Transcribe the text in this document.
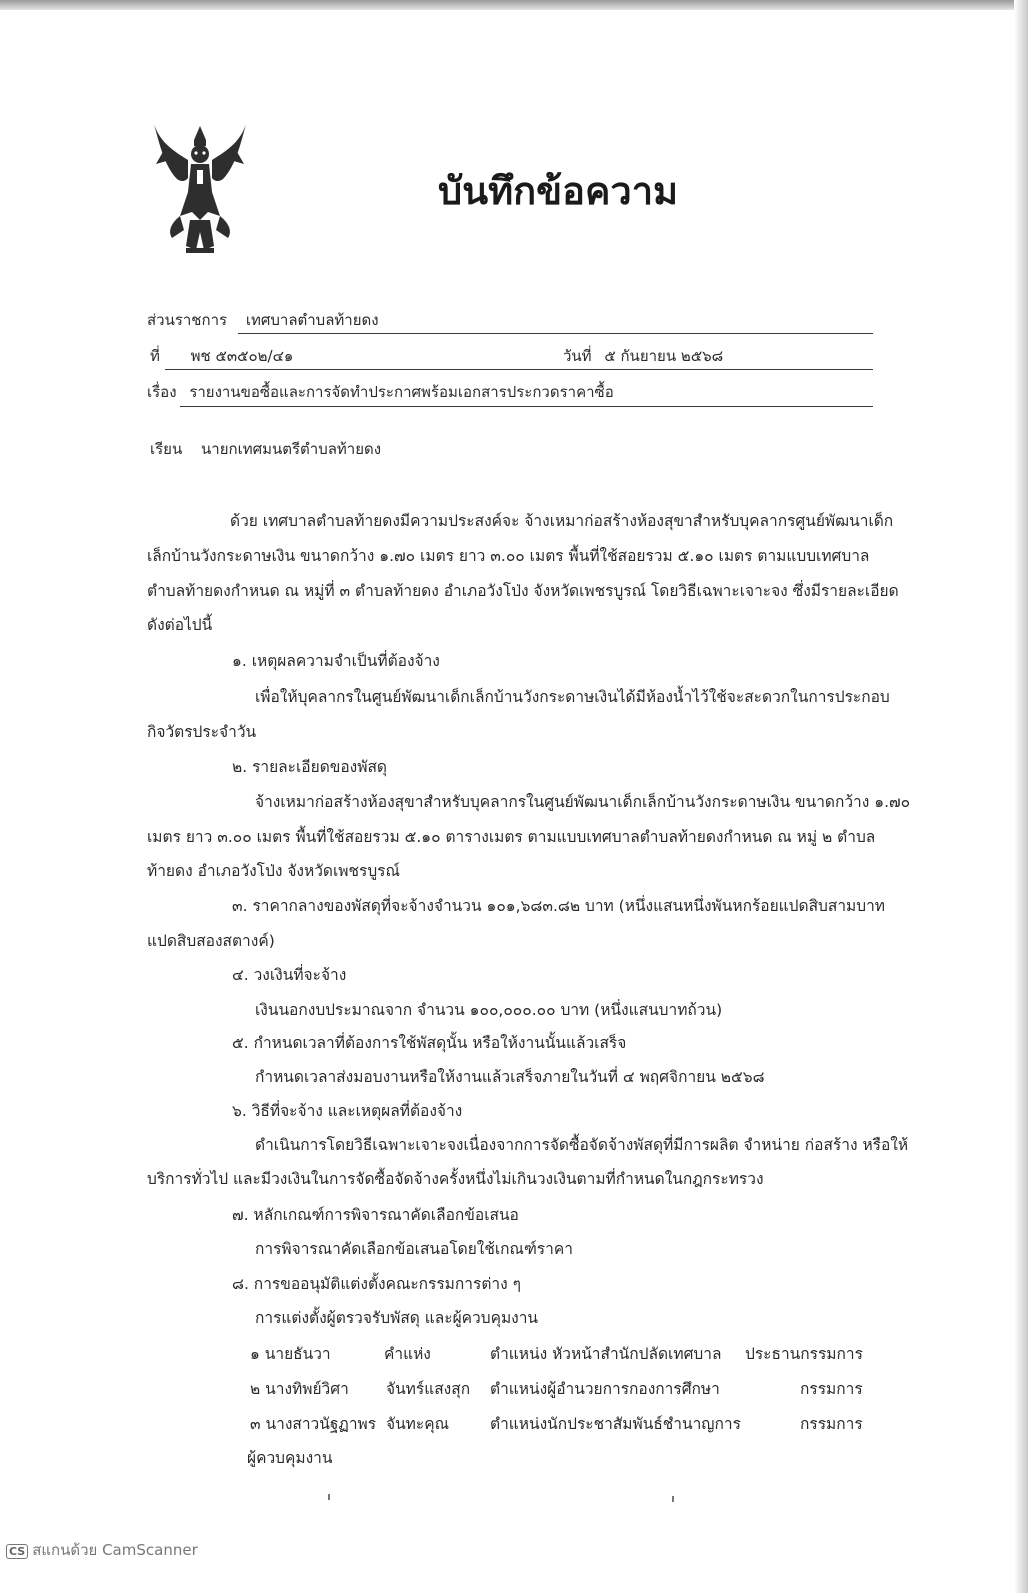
บันทึกข้อความ
ส่วนราชการ เทศบาลตำบลท้ายดง
ที่ พช ๕๓๕๐๒/๔๑	วันที่ ๕ กันยายน ๒๕๖๘
เรื่อง รายงานขอซื้อและการจัดทำประกาศพร้อมเอกสารประกวดราคาซื้อ
เรียน นายกเทศมนตรีตำบลท้ายดง
ด้วย เทศบาลตำบลท้ายดงมีความประสงค์จะ จ้างเหมาก่อสร้างห้องสุขาสำหรับบุคลากรศูนย์พัฒนาเด็ก
เล็กบ้านวังกระดาษเงิน ขนาดกว้าง ๑.๗๐ เมตร ยาว ๓.๐๐ เมตร พื้นที่ใช้สอยรวม ๕.๑๐ เมตร ตามแบบเทศบาล
ตำบลท้ายดงกำหนด ณ หมู่ที่ ๓ ตำบลท้ายดง อำเภอวังโป่ง จังหวัดเพชรบูรณ์ โดยวิธีเฉพาะเจาะจง ซึ่งมีรายละเอียด
ดังต่อไปนี้
๑. เหตุผลความจำเป็นที่ต้องจ้าง
เพื่อให้บุคลากรในศูนย์พัฒนาเด็กเล็กบ้านวังกระดาษเงินได้มีห้องน้ำไว้ใช้จะสะดวกในการประกอบ
กิจวัตรประจำวัน
๒. รายละเอียดของพัสดุ
จ้างเหมาก่อสร้างห้องสุขาสำหรับบุคลากรในศูนย์พัฒนาเด็กเล็กบ้านวังกระดาษเงิน ขนาดกว้าง ๑.๗๐
เมตร ยาว ๓.๐๐ เมตร พื้นที่ใช้สอยรวม ๕.๑๐ ตารางเมตร ตามแบบเทศบาลตำบลท้ายดงกำหนด ณ หมู่ ๒ ตำบล
ท้ายดง อำเภอวังโป่ง จังหวัดเพชรบูรณ์
๓. ราคากลางของพัสดุที่จะจ้างจำนวน ๑๐๑,๖๘๓.๘๒ บาท (หนึ่งแสนหนึ่งพันหกร้อยแปดสิบสามบาท
แปดสิบสองสตางค์)
๔. วงเงินที่จะจ้าง
เงินนอกงบประมาณจาก จำนวน ๑๐๐,๐๐๐.๐๐ บาท (หนึ่งแสนบาทถ้วน)
๕. กำหนดเวลาที่ต้องการใช้พัสดุนั้น หรือให้งานนั้นแล้วเสร็จ
กำหนดเวลาส่งมอบงานหรือให้งานแล้วเสร็จภายในวันที่ ๔ พฤศจิกายน ๒๕๖๘
๖. วิธีที่จะจ้าง และเหตุผลที่ต้องจ้าง
ดำเนินการโดยวิธีเฉพาะเจาะจงเนื่องจากการจัดซื้อจัดจ้างพัสดุที่มีการผลิต จำหน่าย ก่อสร้าง หรือให้
บริการทั่วไป และมีวงเงินในการจัดซื้อจัดจ้างครั้งหนึ่งไม่เกินวงเงินตามที่กำหนดในกฎกระทรวง
๗. หลักเกณฑ์การพิจารณาคัดเลือกข้อเสนอ
การพิจารณาคัดเลือกข้อเสนอโดยใช้เกณฑ์ราคา
๘. การขออนุมัติแต่งตั้งคณะกรรมการต่าง ๆ
การแต่งตั้งผู้ตรวจรับพัสดุ และผู้ควบคุมงาน
๑ นายธันวา	คำแห่ง	ตำแหน่ง หัวหน้าสำนักปลัดเทศบาล ประธานกรรมการ
๒ นางทิพย์วิศา จันทร์แสงสุก ตำแหน่งผู้อำนวยการกองการศึกษา	กรรมการ
๓ นางสาวนัฐฏาพร จันทะคุณ	ตำแหน่งนักประชาสัมพันธ์ชำนาญการ	กรรมการ
ผู้ควบคุมงาน
CS สแกนด้วย CamScanner
